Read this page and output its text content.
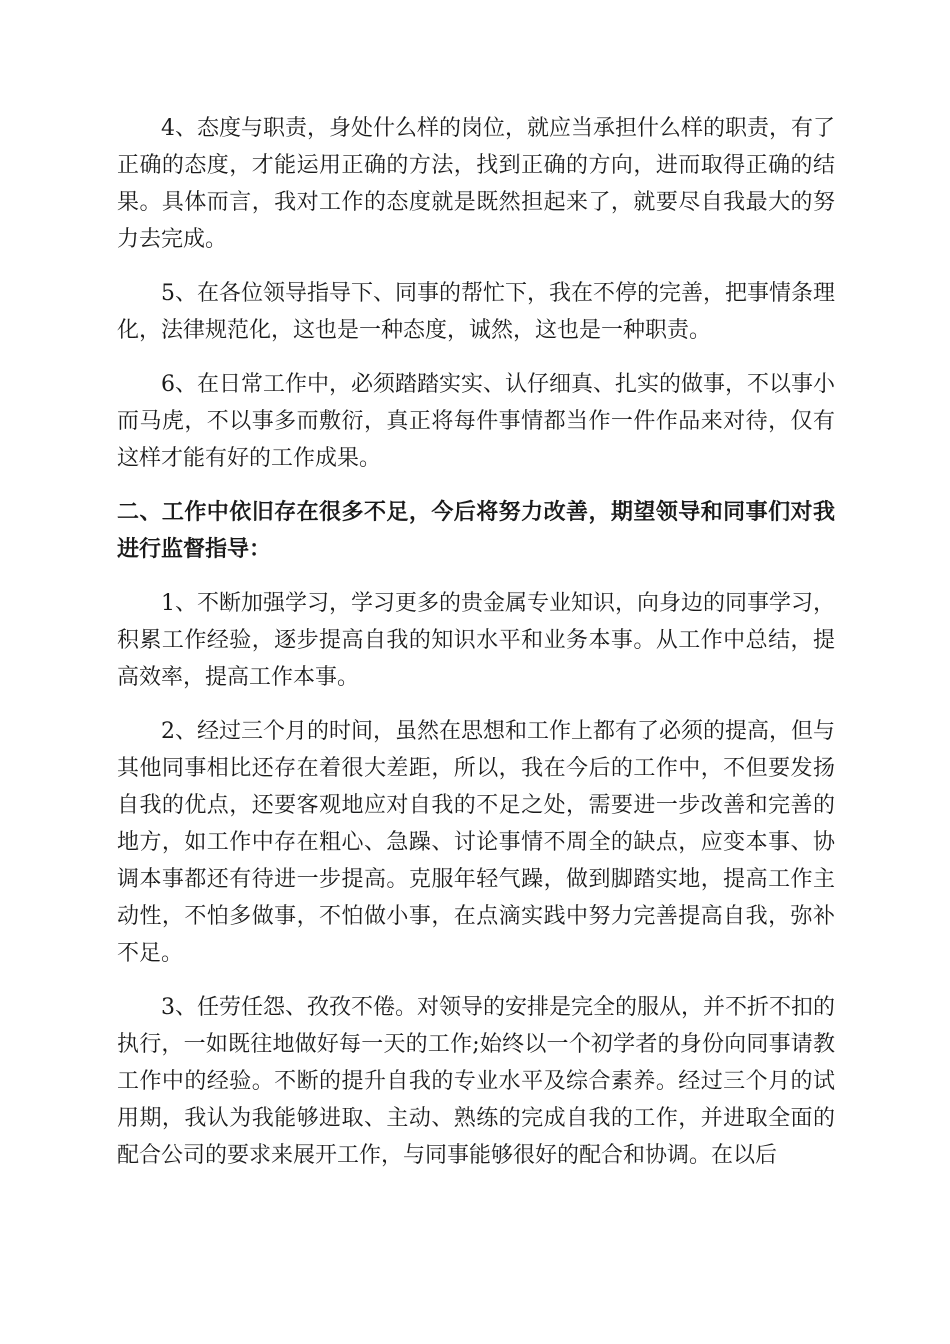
4、态度与职责，身处什么样的岗位，就应当承担什么样的职责，有了正确的态度，才能运用正确的方法，找到正确的方向，进而取得正确的结果。具体而言，我对工作的态度就是既然担起来了，就要尽自我最大的努力去完成。

5、在各位领导指导下、同事的帮忙下，我在不停的完善，把事情条理化，法律规范化，这也是一种态度，诚然，这也是一种职责。

6、在日常工作中，必须踏踏实实、认仔细真、扎实的做事，不以事小而马虎，不以事多而敷衍，真正将每件事情都当作一件作品来对待，仅有这样才能有好的工作成果。

二、工作中依旧存在很多不足，今后将努力改善，期望领导和同事们对我进行监督指导：

1、不断加强学习，学习更多的贵金属专业知识，向身边的同事学习，积累工作经验，逐步提高自我的知识水平和业务本事。从工作中总结，提高效率，提高工作本事。

2、经过三个月的时间，虽然在思想和工作上都有了必须的提高，但与其他同事相比还存在着很大差距，所以，我在今后的工作中，不但要发扬自我的优点，还要客观地应对自我的不足之处，需要进一步改善和完善的地方，如工作中存在粗心、急躁、讨论事情不周全的缺点，应变本事、协调本事都还有待进一步提高。克服年轻气躁，做到脚踏实地，提高工作主动性，不怕多做事，不怕做小事，在点滴实践中努力完善提高自我，弥补不足。

3、任劳任怨、孜孜不倦。对领导的安排是完全的服从，并不折不扣的执行，一如既往地做好每一天的工作;始终以一个初学者的身份向同事请教工作中的经验。不断的提升自我的专业水平及综合素养。经过三个月的试用期，我认为我能够进取、主动、熟练的完成自我的工作，并进取全面的配合公司的要求来展开工作，与同事能够很好的配合和协调。在以后
